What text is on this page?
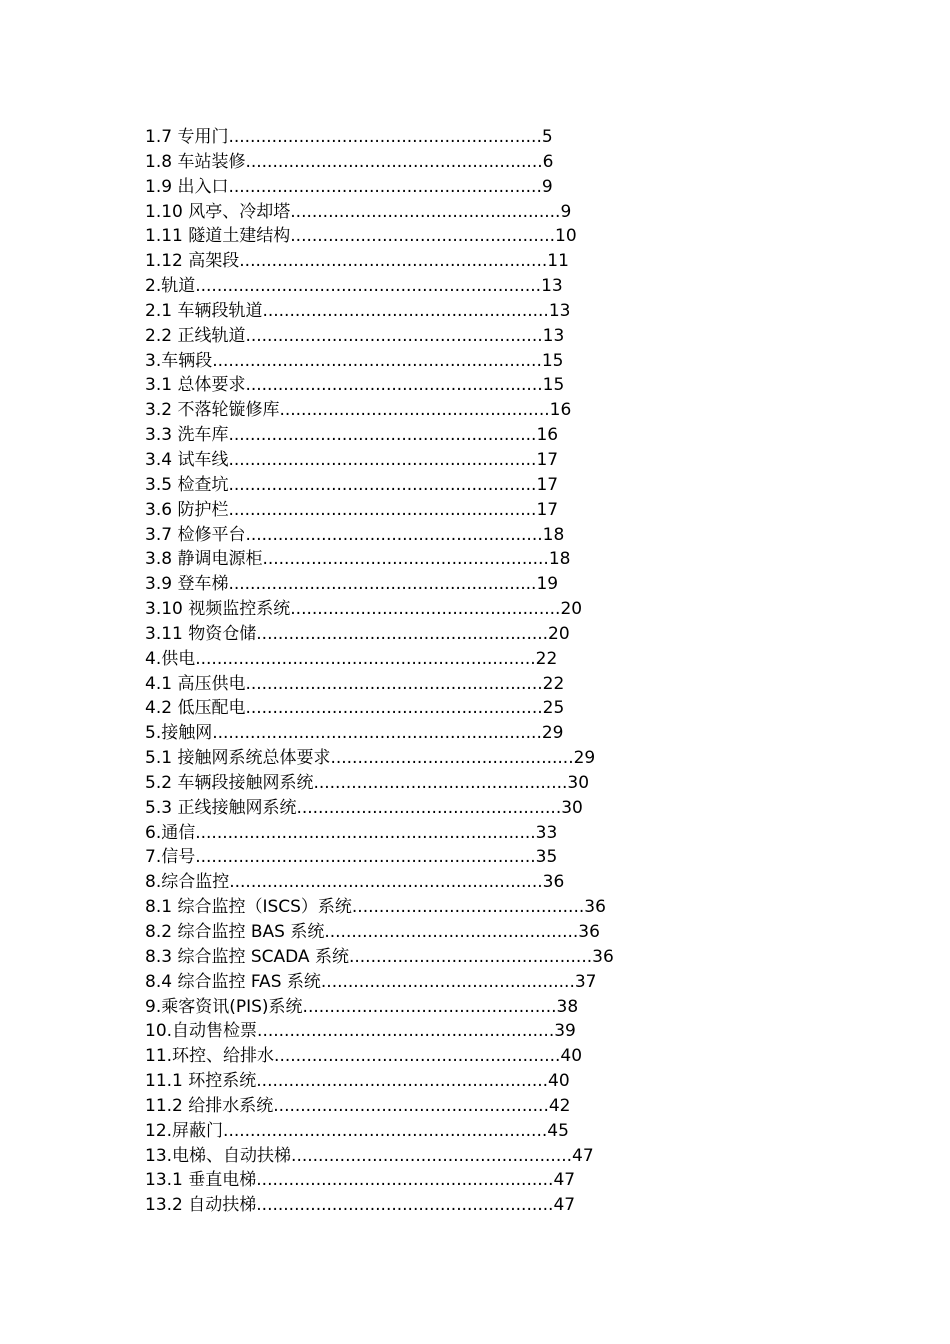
1.7 专用门..........................................................5
1.8 车站装修.......................................................6
1.9 出入口..........................................................9
1.10 风亭、冷却塔..................................................9
1.11 隧道土建结构.................................................10
1.12 高架段.........................................................11
2.轨道................................................................13
2.1 车辆段轨道.....................................................13
2.2 正线轨道.......................................................13
3.车辆段.............................................................15
3.1 总体要求.......................................................15
3.2 不落轮镟修库..................................................16
3.3 洗车库.........................................................16
3.4 试车线.........................................................17
3.5 检查坑.........................................................17
3.6 防护栏.........................................................17
3.7 检修平台.......................................................18
3.8 静调电源柜.....................................................18
3.9 登车梯.........................................................19
3.10 视频监控系统..................................................20
3.11 物资仓储......................................................20
4.供电...............................................................22
4.1 高压供电.......................................................22
4.2 低压配电.......................................................25
5.接触网.............................................................29
5.1 接触网系统总体要求.............................................29
5.2 车辆段接触网系统...............................................30
5.3 正线接触网系统.................................................30
6.通信...............................................................33
7.信号...............................................................35
8.综合监控..........................................................36
8.1 综合监控（ISCS）系统...........................................36
8.2 综合监控 BAS 系统...............................................36
8.3 综合监控 SCADA 系统.............................................36
8.4 综合监控 FAS 系统...............................................37
9.乘客资讯(PIS)系统...............................................38
10.自动售检票.......................................................39
11.环控、给排水.....................................................40
11.1 环控系统......................................................40
11.2 给排水系统...................................................42
12.屏蔽门............................................................45
13.电梯、自动扶梯....................................................47
13.1 垂直电梯.......................................................47
13.2 自动扶梯.......................................................47
